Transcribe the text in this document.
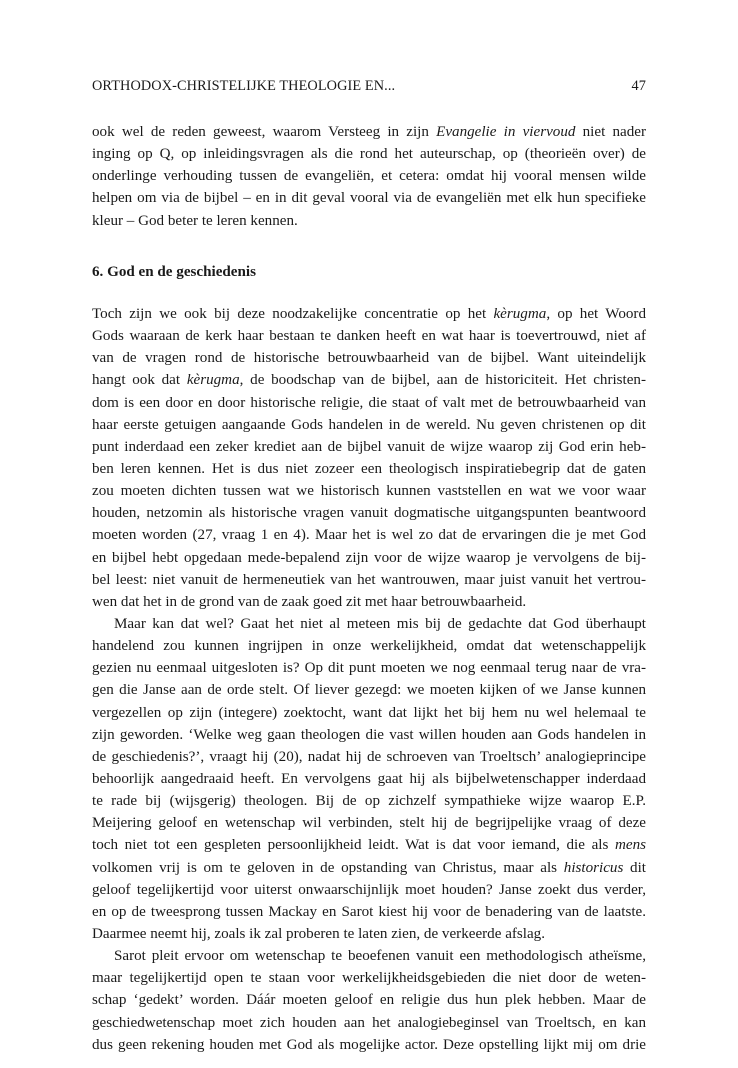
ORTHODOX-CHRISTELIJKE THEOLOGIE EN...	47

ook wel de reden geweest, waarom Versteeg in zijn Evangelie in viervoud niet nader
inging op Q, op inleidingsvragen als die rond het auteurschap, op (theorieën over) de
onderlinge verhouding tussen de evangeliën, et cetera: omdat hij vooral mensen wilde
helpen om via de bijbel – en in dit geval vooral via de evangeliën met elk hun specifieke
kleur – God beter te leren kennen.

6. God en de geschiedenis

Toch zijn we ook bij deze noodzakelijke concentratie op het kèrugma, op het Woord
Gods waaraan de kerk haar bestaan te danken heeft en wat haar is toevertrouwd, niet af
van de vragen rond de historische betrouwbaarheid van de bijbel. Want uiteindelijk
hangt ook dat kèrugma, de boodschap van de bijbel, aan de historiciteit. Het christen-
dom is een door en door historische religie, die staat of valt met de betrouwbaarheid van
haar eerste getuigen aangaande Gods handelen in de wereld. Nu geven christenen op dit
punt inderdaad een zeker krediet aan de bijbel vanuit de wijze waarop zij God erin heb-
ben leren kennen. Het is dus niet zozeer een theologisch inspiratiebegrip dat de gaten
zou moeten dichten tussen wat we historisch kunnen vaststellen en wat we voor waar
houden, netzomin als historische vragen vanuit dogmatische uitgangspunten beantwoord
moeten worden (27, vraag 1 en 4). Maar het is wel zo dat de ervaringen die je met God
en bijbel hebt opgedaan mede-bepalend zijn voor de wijze waarop je vervolgens de bij-
bel leest: niet vanuit de hermeneutiek van het wantrouwen, maar juist vanuit het vertrou-
wen dat het in de grond van de zaak goed zit met haar betrouwbaarheid.

Maar kan dat wel? Gaat het niet al meteen mis bij de gedachte dat God überhaupt
handelend zou kunnen ingrijpen in onze werkelijkheid, omdat dat wetenschappelijk
gezien nu eenmaal uitgesloten is? Op dit punt moeten we nog eenmaal terug naar de vra-
gen die Janse aan de orde stelt. Of liever gezegd: we moeten kijken of we Janse kunnen
vergezellen op zijn (integere) zoektocht, want dat lijkt het bij hem nu wel helemaal te
zijn geworden. ‘Welke weg gaan theologen die vast willen houden aan Gods handelen in
de geschiedenis?’, vraagt hij (20), nadat hij de schroeven van Troeltsch’ analogieprincipe
behoorlijk aangedraaid heeft. En vervolgens gaat hij als bijbelwetenschapper inderdaad
te rade bij (wijsgerig) theologen. Bij de op zichzelf sympathieke wijze waarop E.P.
Meijering geloof en wetenschap wil verbinden, stelt hij de begrijpelijke vraag of deze
toch niet tot een gespleten persoonlijkheid leidt. Wat is dat voor iemand, die als mens
volkomen vrij is om te geloven in de opstanding van Christus, maar als historicus dit
geloof tegelijkertijd voor uiterst onwaarschijnlijk moet houden? Janse zoekt dus verder,
en op de tweesprong tussen Mackay en Sarot kiest hij voor de benadering van de laatste.
Daarmee neemt hij, zoals ik zal proberen te laten zien, de verkeerde afslag.

Sarot pleit ervoor om wetenschap te beoefenen vanuit een methodologisch atheïsme,
maar tegelijkertijd open te staan voor werkelijkheidsgebieden die niet door de weten-
schap ‘gedekt’ worden. Dáár moeten geloof en religie dus hun plek hebben. Maar de
geschiedwetenschap moet zich houden aan het analogiebeginsel van Troeltsch, en kan
dus geen rekening houden met God als mogelijke actor. Deze opstelling lijkt mij om drie
